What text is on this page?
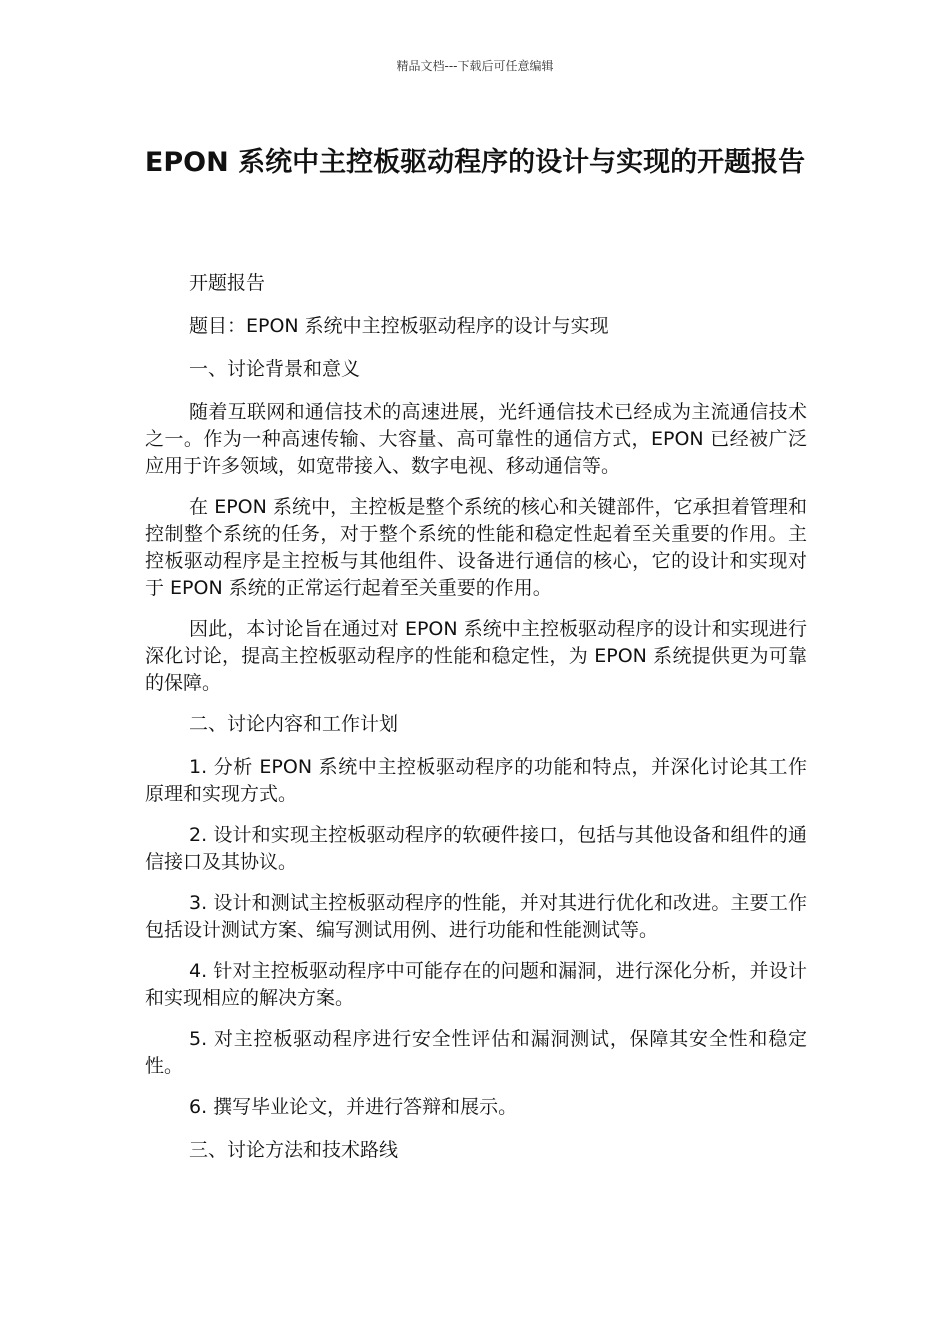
精品文档---下载后可任意编辑
EPON 系统中主控板驱动程序的设计与实现的开题报告

开题报告

题目：EPON 系统中主控板驱动程序的设计与实现

一、讨论背景和意义

随着互联网和通信技术的高速进展，光纤通信技术已经成为主流通信技术之一。作为一种高速传输、大容量、高可靠性的通信方式，EPON 已经被广泛应用于许多领域，如宽带接入、数字电视、移动通信等。

在 EPON 系统中，主控板是整个系统的核心和关键部件，它承担着管理和控制整个系统的任务，对于整个系统的性能和稳定性起着至关重要的作用。主控板驱动程序是主控板与其他组件、设备进行通信的核心，它的设计和实现对于 EPON 系统的正常运行起着至关重要的作用。

因此，本讨论旨在通过对 EPON 系统中主控板驱动程序的设计和实现进行深化讨论，提高主控板驱动程序的性能和稳定性，为 EPON 系统提供更为可靠的保障。

二、讨论内容和工作计划

1. 分析 EPON 系统中主控板驱动程序的功能和特点，并深化讨论其工作原理和实现方式。

2. 设计和实现主控板驱动程序的软硬件接口，包括与其他设备和组件的通信接口及其协议。

3. 设计和测试主控板驱动程序的性能，并对其进行优化和改进。主要工作包括设计测试方案、编写测试用例、进行功能和性能测试等。

4. 针对主控板驱动程序中可能存在的问题和漏洞，进行深化分析，并设计和实现相应的解决方案。

5. 对主控板驱动程序进行安全性评估和漏洞测试，保障其安全性和稳定性。

6. 撰写毕业论文，并进行答辩和展示。

三、讨论方法和技术路线
